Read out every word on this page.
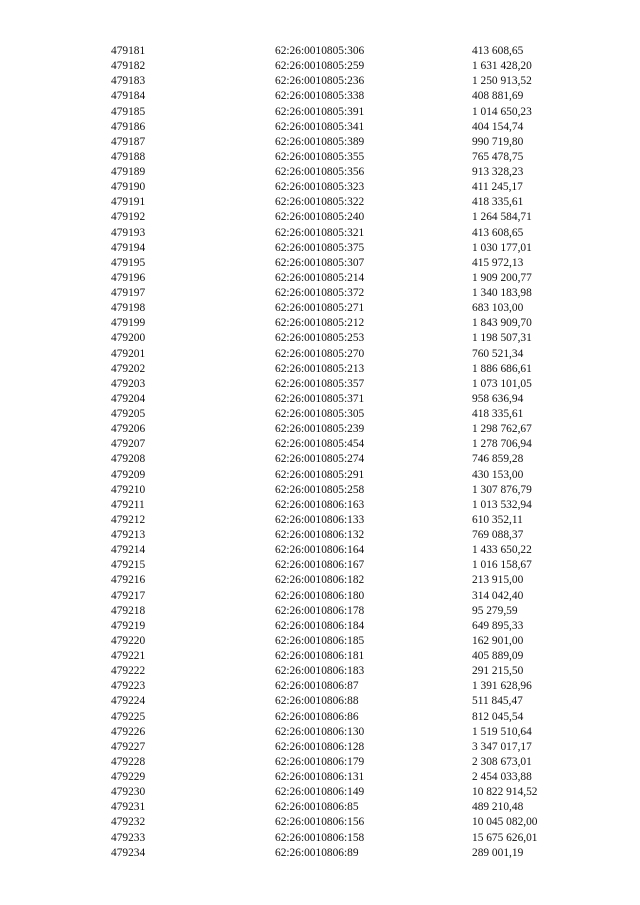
479181	62:26:0010805:306	413 608,65
479182	62:26:0010805:259	1 631 428,20
479183	62:26:0010805:236	1 250 913,52
479184	62:26:0010805:338	408 881,69
479185	62:26:0010805:391	1 014 650,23
479186	62:26:0010805:341	404 154,74
479187	62:26:0010805:389	990 719,80
479188	62:26:0010805:355	765 478,75
479189	62:26:0010805:356	913 328,23
479190	62:26:0010805:323	411 245,17
479191	62:26:0010805:322	418 335,61
479192	62:26:0010805:240	1 264 584,71
479193	62:26:0010805:321	413 608,65
479194	62:26:0010805:375	1 030 177,01
479195	62:26:0010805:307	415 972,13
479196	62:26:0010805:214	1 909 200,77
479197	62:26:0010805:372	1 340 183,98
479198	62:26:0010805:271	683 103,00
479199	62:26:0010805:212	1 843 909,70
479200	62:26:0010805:253	1 198 507,31
479201	62:26:0010805:270	760 521,34
479202	62:26:0010805:213	1 886 686,61
479203	62:26:0010805:357	1 073 101,05
479204	62:26:0010805:371	958 636,94
479205	62:26:0010805:305	418 335,61
479206	62:26:0010805:239	1 298 762,67
479207	62:26:0010805:454	1 278 706,94
479208	62:26:0010805:274	746 859,28
479209	62:26:0010805:291	430 153,00
479210	62:26:0010805:258	1 307 876,79
479211	62:26:0010806:163	1 013 532,94
479212	62:26:0010806:133	610 352,11
479213	62:26:0010806:132	769 088,37
479214	62:26:0010806:164	1 433 650,22
479215	62:26:0010806:167	1 016 158,67
479216	62:26:0010806:182	213 915,00
479217	62:26:0010806:180	314 042,40
479218	62:26:0010806:178	95 279,59
479219	62:26:0010806:184	649 895,33
479220	62:26:0010806:185	162 901,00
479221	62:26:0010806:181	405 889,09
479222	62:26:0010806:183	291 215,50
479223	62:26:0010806:87	1 391 628,96
479224	62:26:0010806:88	511 845,47
479225	62:26:0010806:86	812 045,54
479226	62:26:0010806:130	1 519 510,64
479227	62:26:0010806:128	3 347 017,17
479228	62:26:0010806:179	2 308 673,01
479229	62:26:0010806:131	2 454 033,88
479230	62:26:0010806:149	10 822 914,52
479231	62:26:0010806:85	489 210,48
479232	62:26:0010806:156	10 045 082,00
479233	62:26:0010806:158	15 675 626,01
479234	62:26:0010806:89	289 001,19
